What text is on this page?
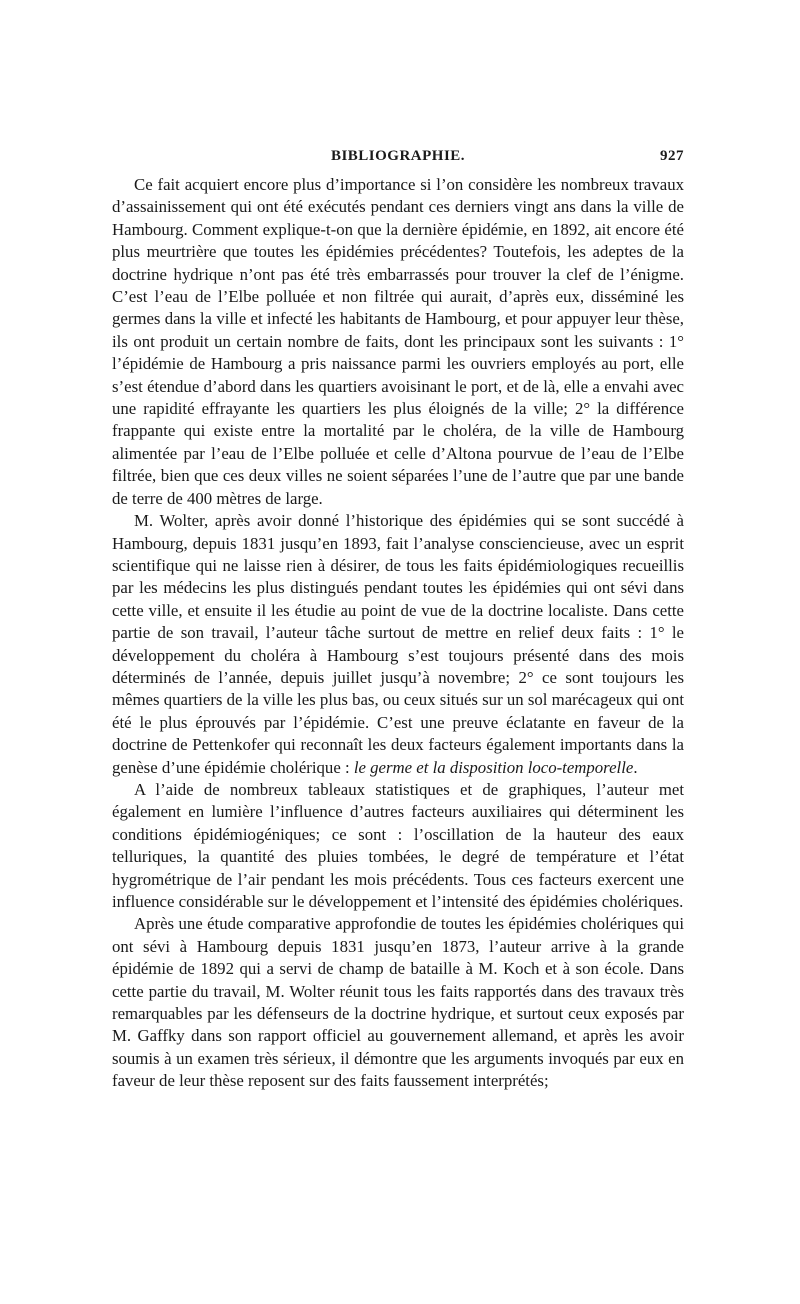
BIBLIOGRAPHIE.	927

Ce fait acquiert encore plus d’importance si l’on considère les nombreux travaux d’assainissement qui ont été exécutés pendant ces derniers vingt ans dans la ville de Hambourg. Comment explique-t-on que la dernière épidémie, en 1892, ait encore été plus meurtrière que toutes les épidémies précédentes? Toutefois, les adeptes de la doctrine hydrique n’ont pas été très embarrassés pour trouver la clef de l’énigme. C’est l’eau de l’Elbe polluée et non filtrée qui aurait, d’après eux, disséminé les germes dans la ville et infecté les habitants de Hambourg, et pour appuyer leur thèse, ils ont produit un certain nombre de faits, dont les principaux sont les suivants : 1° l’épidémie de Hambourg a pris naissance parmi les ouvriers employés au port, elle s’est étendue d’abord dans les quartiers avoisinant le port, et de là, elle a envahi avec une rapidité effrayante les quartiers les plus éloignés de la ville; 2° la différence frappante qui existe entre la mortalité par le choléra, de la ville de Hambourg alimentée par l’eau de l’Elbe polluée et celle d’Altona pourvue de l’eau de l’Elbe filtrée, bien que ces deux villes ne soient séparées l’une de l’autre que par une bande de terre de 400 mètres de large.

M. Wolter, après avoir donné l’historique des épidémies qui se sont succédé à Hambourg, depuis 1831 jusqu’en 1893, fait l’analyse consciencieuse, avec un esprit scientifique qui ne laisse rien à désirer, de tous les faits épidémiologiques recueillis par les médecins les plus distingués pendant toutes les épidémies qui ont sévi dans cette ville, et ensuite il les étudie au point de vue de la doctrine localiste. Dans cette partie de son travail, l’auteur tâche surtout de mettre en relief deux faits : 1° le développement du choléra à Hambourg s’est toujours présenté dans des mois déterminés de l’année, depuis juillet jusqu’à novembre; 2° ce sont toujours les mêmes quartiers de la ville les plus bas, ou ceux situés sur un sol marécageux qui ont été le plus éprouvés par l’épidémie. C’est une preuve éclatante en faveur de la doctrine de Pettenkofer qui reconnaît les deux facteurs également importants dans la genèse d’une épidémie cholérique : le germe et la disposition loco-temporelle.

A l’aide de nombreux tableaux statistiques et de graphiques, l’auteur met également en lumière l’influence d’autres facteurs auxiliaires qui déterminent les conditions épidémiogéniques; ce sont : l’oscillation de la hauteur des eaux telluriques, la quantité des pluies tombées, le degré de température et l’état hygrométrique de l’air pendant les mois précédents. Tous ces facteurs exercent une influence considérable sur le développement et l’intensité des épidémies cholériques.

Après une étude comparative approfondie de toutes les épidémies cholériques qui ont sévi à Hambourg depuis 1831 jusqu’en 1873, l’auteur arrive à la grande épidémie de 1892 qui a servi de champ de bataille à M. Koch et à son école. Dans cette partie du travail, M. Wolter réunit tous les faits rapportés dans des travaux très remarquables par les défenseurs de la doctrine hydrique, et surtout ceux exposés par M. Gaffky dans son rapport officiel au gouvernement allemand, et après les avoir soumis à un examen très sérieux, il démontre que les arguments invoqués par eux en faveur de leur thèse reposent sur des faits faussement interprétés;
